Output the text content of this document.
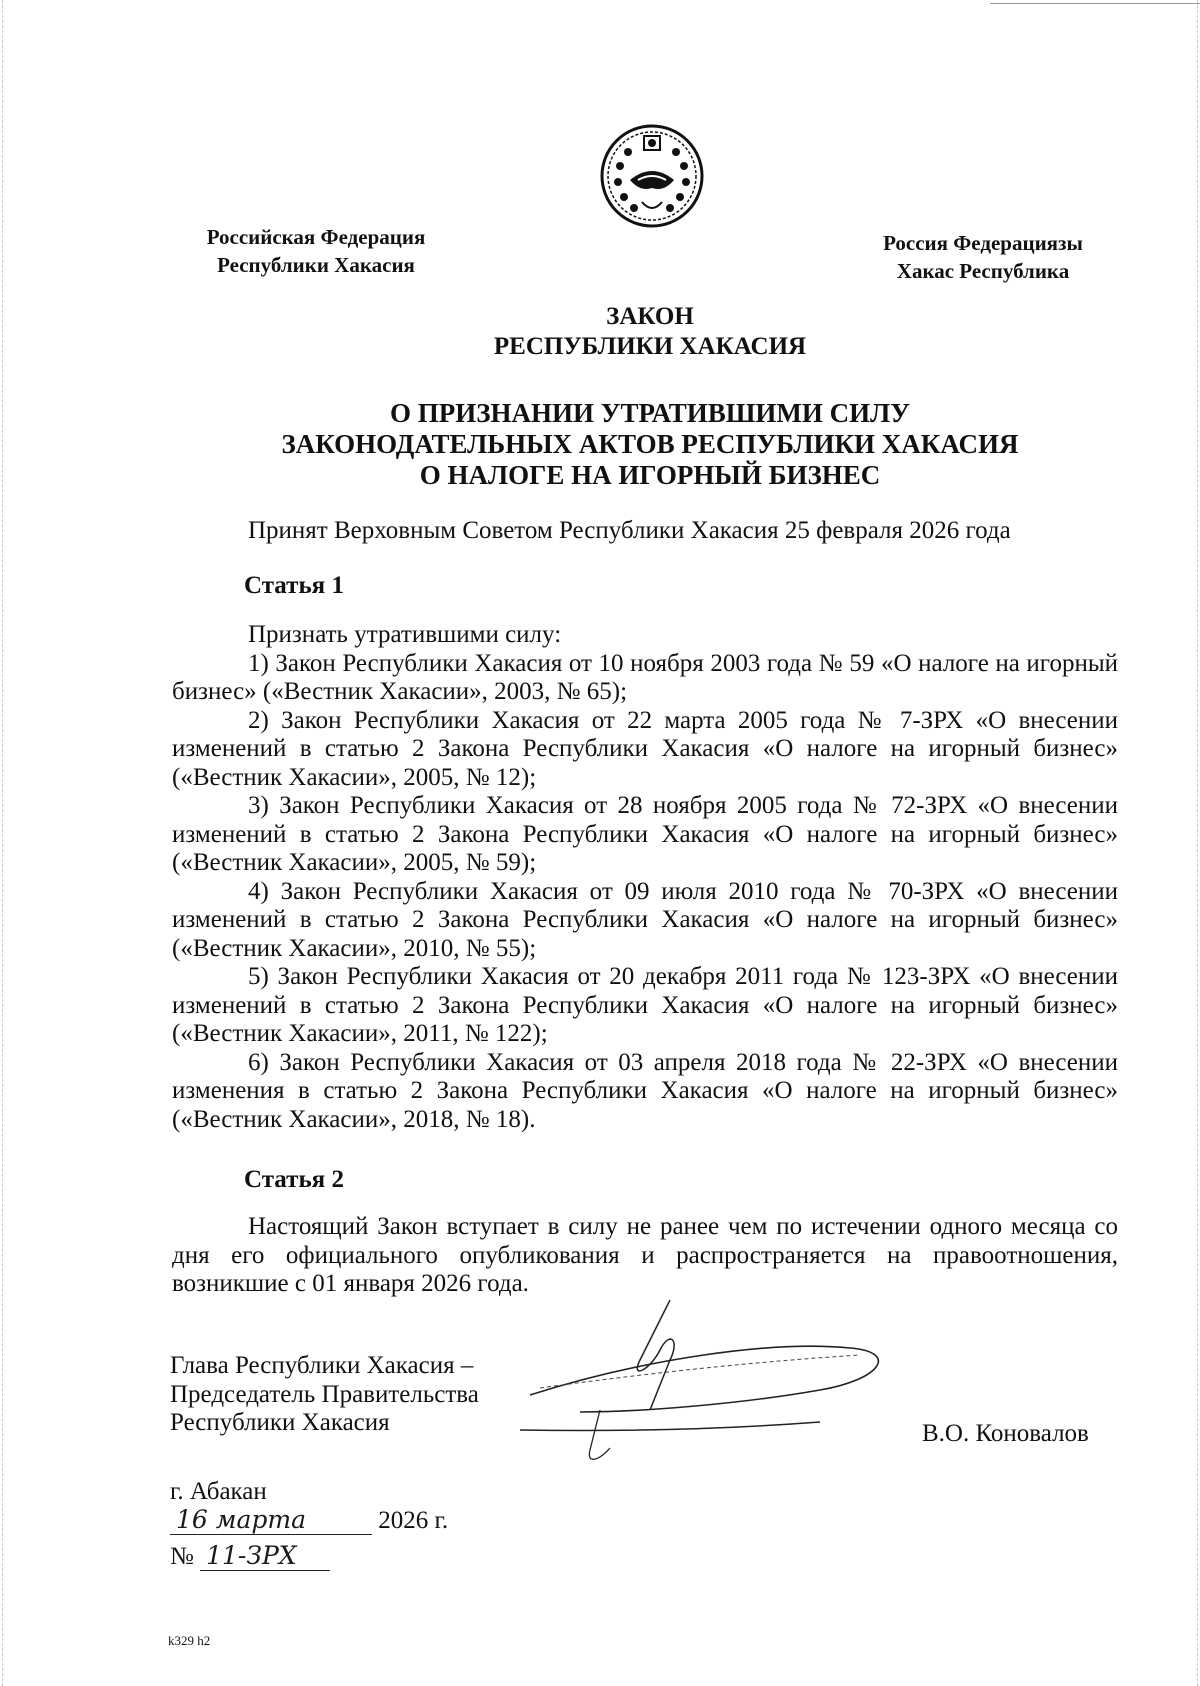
Российская Федерация
Республики Хакасия
Россия Федерациязы
Хакас Республика
ЗАКОН
РЕСПУБЛИКИ ХАКАСИЯ
О ПРИЗНАНИИ УТРАТИВШИМИ СИЛУ
ЗАКОНОДАТЕЛЬНЫХ АКТОВ РЕСПУБЛИКИ ХАКАСИЯ
О НАЛОГЕ НА ИГОРНЫЙ БИЗНЕС
Принят Верховным Советом Республики Хакасия 25 февраля 2026 года
Статья 1

Признать утратившими силу:

1) Закон Республики Хакасия от 10 ноября 2003 года № 59 «О налоге на игорный бизнес» («Вестник Хакасии», 2003, № 65);

2) Закон Республики Хакасия от 22 марта 2005 года № 7-ЗРХ «О внесении изменений в статью 2 Закона Республики Хакасия «О налоге на игорный бизнес» («Вестник Хакасии», 2005, № 12);

3) Закон Республики Хакасия от 28 ноября 2005 года № 72-ЗРХ «О внесении изменений в статью 2 Закона Республики Хакасия «О налоге на игорный бизнес» («Вестник Хакасии», 2005, № 59);

4) Закон Республики Хакасия от 09 июля 2010 года № 70-ЗРХ «О внесении изменений в статью 2 Закона Республики Хакасия «О налоге на игорный бизнес» («Вестник Хакасии», 2010, № 55);

5) Закон Республики Хакасия от 20 декабря 2011 года № 123-ЗРХ «О внесении изменений в статью 2 Закона Республики Хакасия «О налоге на игорный бизнес» («Вестник Хакасии», 2011, № 122);

6) Закон Республики Хакасия от 03 апреля 2018 года № 22-ЗРХ «О внесении изменения в статью 2 Закона Республики Хакасия «О налоге на игорный бизнес» («Вестник Хакасии», 2018, № 18).

Статья 2

Настоящий Закон вступает в силу не ранее чем по истечении одного месяца со дня его официального опубликования и распространяется на правоотношения, возникшие с 01 января 2026 года.

Глава Республики Хакасия –
Председатель Правительства
Республики Хакасия	В.О. Коновалов
г. Абакан
16 марта	2026 г.
№ 11-ЗРХ
k329 h2
